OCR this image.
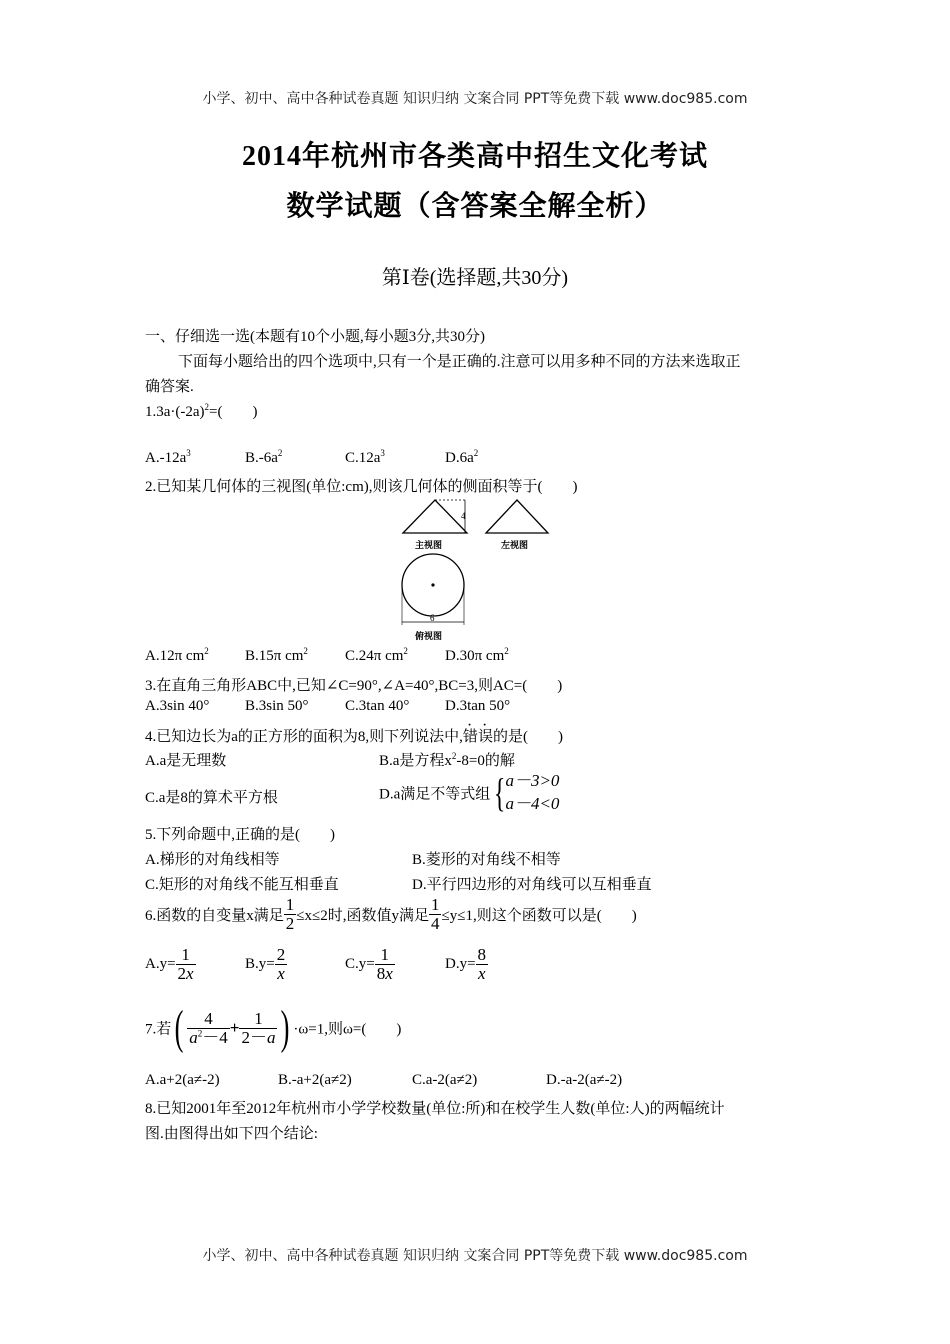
小学、初中、高中各种试卷真题 知识归纳 文案合同 PPT等免费下载 www.doc985.com
小学、初中、高中各种试卷真题 知识归纳 文案合同 PPT等免费下载 www.doc985.com
2014年杭州市各类高中招生文化考试
数学试题（含答案全解全析）
第Ⅰ卷(选择题,共30分)
一、仔细选一选(本题有10个小题,每小题3分,共30分)
下面每小题给出的四个选项中,只有一个是正确的.注意可以用多种不同的方法来选取正
确答案.
$1.3a\cdot(-2a)^2=$(　　)
$A.-12a^3$	$B.-6a^2$	$C.12a^3$	$D.6a^2$
2.已知某几何体的三视图(单位:cm),则该几何体的侧面积等于(　　)
4
主视图	左视图
6
俯视图
A.12π $cm^2$ B.15π $cm^2$ C.24π $cm^2$ D.30π $cm^2$
3.在直角三角形ABC中,已知∠C=90°,∠A=40°,BC=3,则AC=(　　)
A.3sin 40° B.3sin 50° C.3tan 40° D.3tan 50°
4.已知边长为a的正方形的面积为8,则下列说法中,错误的是(　　)
A.a是无理数	B.a是方程$x^2-8=0$的解
C.a是8的算术平方根	D.a满足不等式组{ a－3>0
a－4<0
5.下列命题中,正确的是(　　)
A.梯形的对角线相等	B.菱形的对角线不相等
C.矩形的对角线不能互相垂直	D.平行四边形的对角线可以互相垂直
6.函数的自变量x满足 $\frac{1}{2} \le x\le 2$时,函数值y满足 $\frac{1}{4} \le y\le 1$,则这个函数可以是(　　)
$A.y= \frac{1}{2x}$	$B.y= \frac{2}{x}$	$C.y= \frac{1}{8x}$	$D.y= \frac{8}{x}$
7.若( $\frac{4}{a^2-4} + \frac{1}{2-a}$ ) ·ω=1,则ω=(　　)
A.a+2(a≠-2)	B.-a+2(a≠2)	C.a-2(a≠2)	D.-a-2(a≠-2)
8.已知2001年至2012年杭州市小学学校数量(单位:所)和在校学生人数(单位:人)的两幅统计
图.由图得出如下四个结论:
